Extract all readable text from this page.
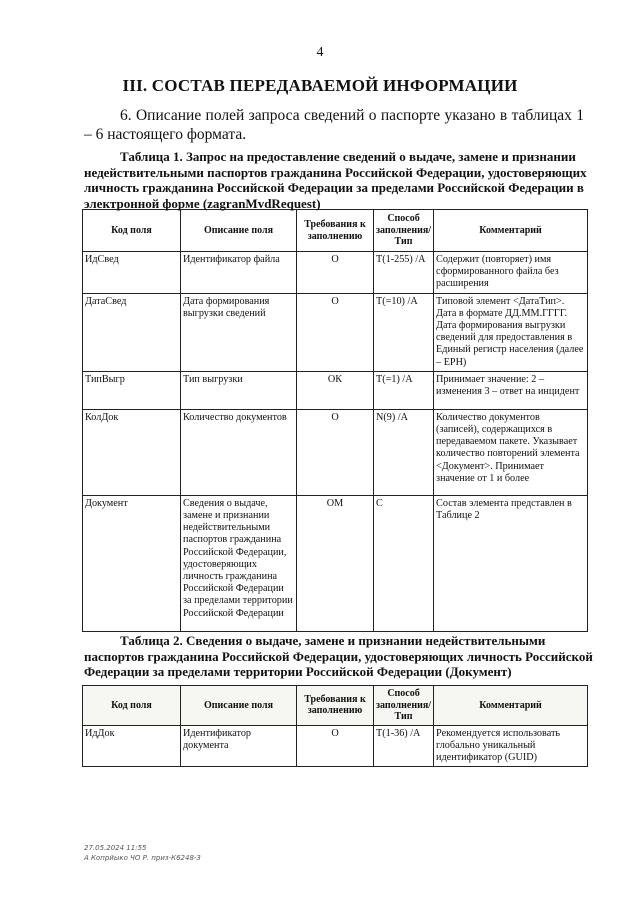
4
III. СОСТАВ ПЕРЕДАВАЕМОЙ ИНФОРМАЦИИ
6. Описание полей запроса сведений о паспорте указано в таблицах 1 – 6 настоящего формата.
Таблица 1. Запрос на предоставление сведений о выдаче, замене и признании недействительными паспортов гражданина Российской Федерации, удостоверяющих личность гражданина Российской Федерации за пределами Российской Федерации в электронной форме (zagranMvdRequest)
Код поля	Описание поля	Требования к заполнению	Способ заполнения/ Тип	Комментарий
ИдСвед	Идентификатор файла	О	Т(1-255) /А	Содержит (повторяет) имя сформированного файла без расширения
ДатаСвед	Дата формирования выгрузки сведений	О	Т(=10) /А	Типовой элемент <ДатаТип>. Дата в формате ДД.ММ.ГГГГ. Дата формирования выгрузки сведений для предоставления в Единый регистр населения (далее – ЕРН)
ТипВыгр	Тип выгрузки	ОК	Т(=1) /А	Принимает значение: 2 – изменения 3 – ответ на инцидент
КолДок	Количество документов	О	N(9) /А	Количество документов (записей), содержащихся в передаваемом пакете. Указывает количество повторений элемента <Документ>. Принимает значение от 1 и более
Документ	Сведения о выдаче, замене и признании недействительными паспортов гражданина Российской Федерации, удостоверяющих личность гражданина Российской Федерации за пределами территории Российской Федерации	ОМ	С	Состав элемента представлен в Таблице 2
Таблица 2. Сведения о выдаче, замене и признании недействительными паспортов гражданина Российской Федерации, удостоверяющих личность Российской Федерации за пределами территории Российской Федерации (Документ)
Код поля	Описание поля	Требования к заполнению	Способ заполнения/ Тип	Комментарий
ИдДок	Идентификатор документа	О	Т(1-36) /А	Рекомендуется использовать глобально уникальный идентификатор (GUID)
27.05.2024 11:55
А Копрйыко ЧО Р. приз-К6248-3
